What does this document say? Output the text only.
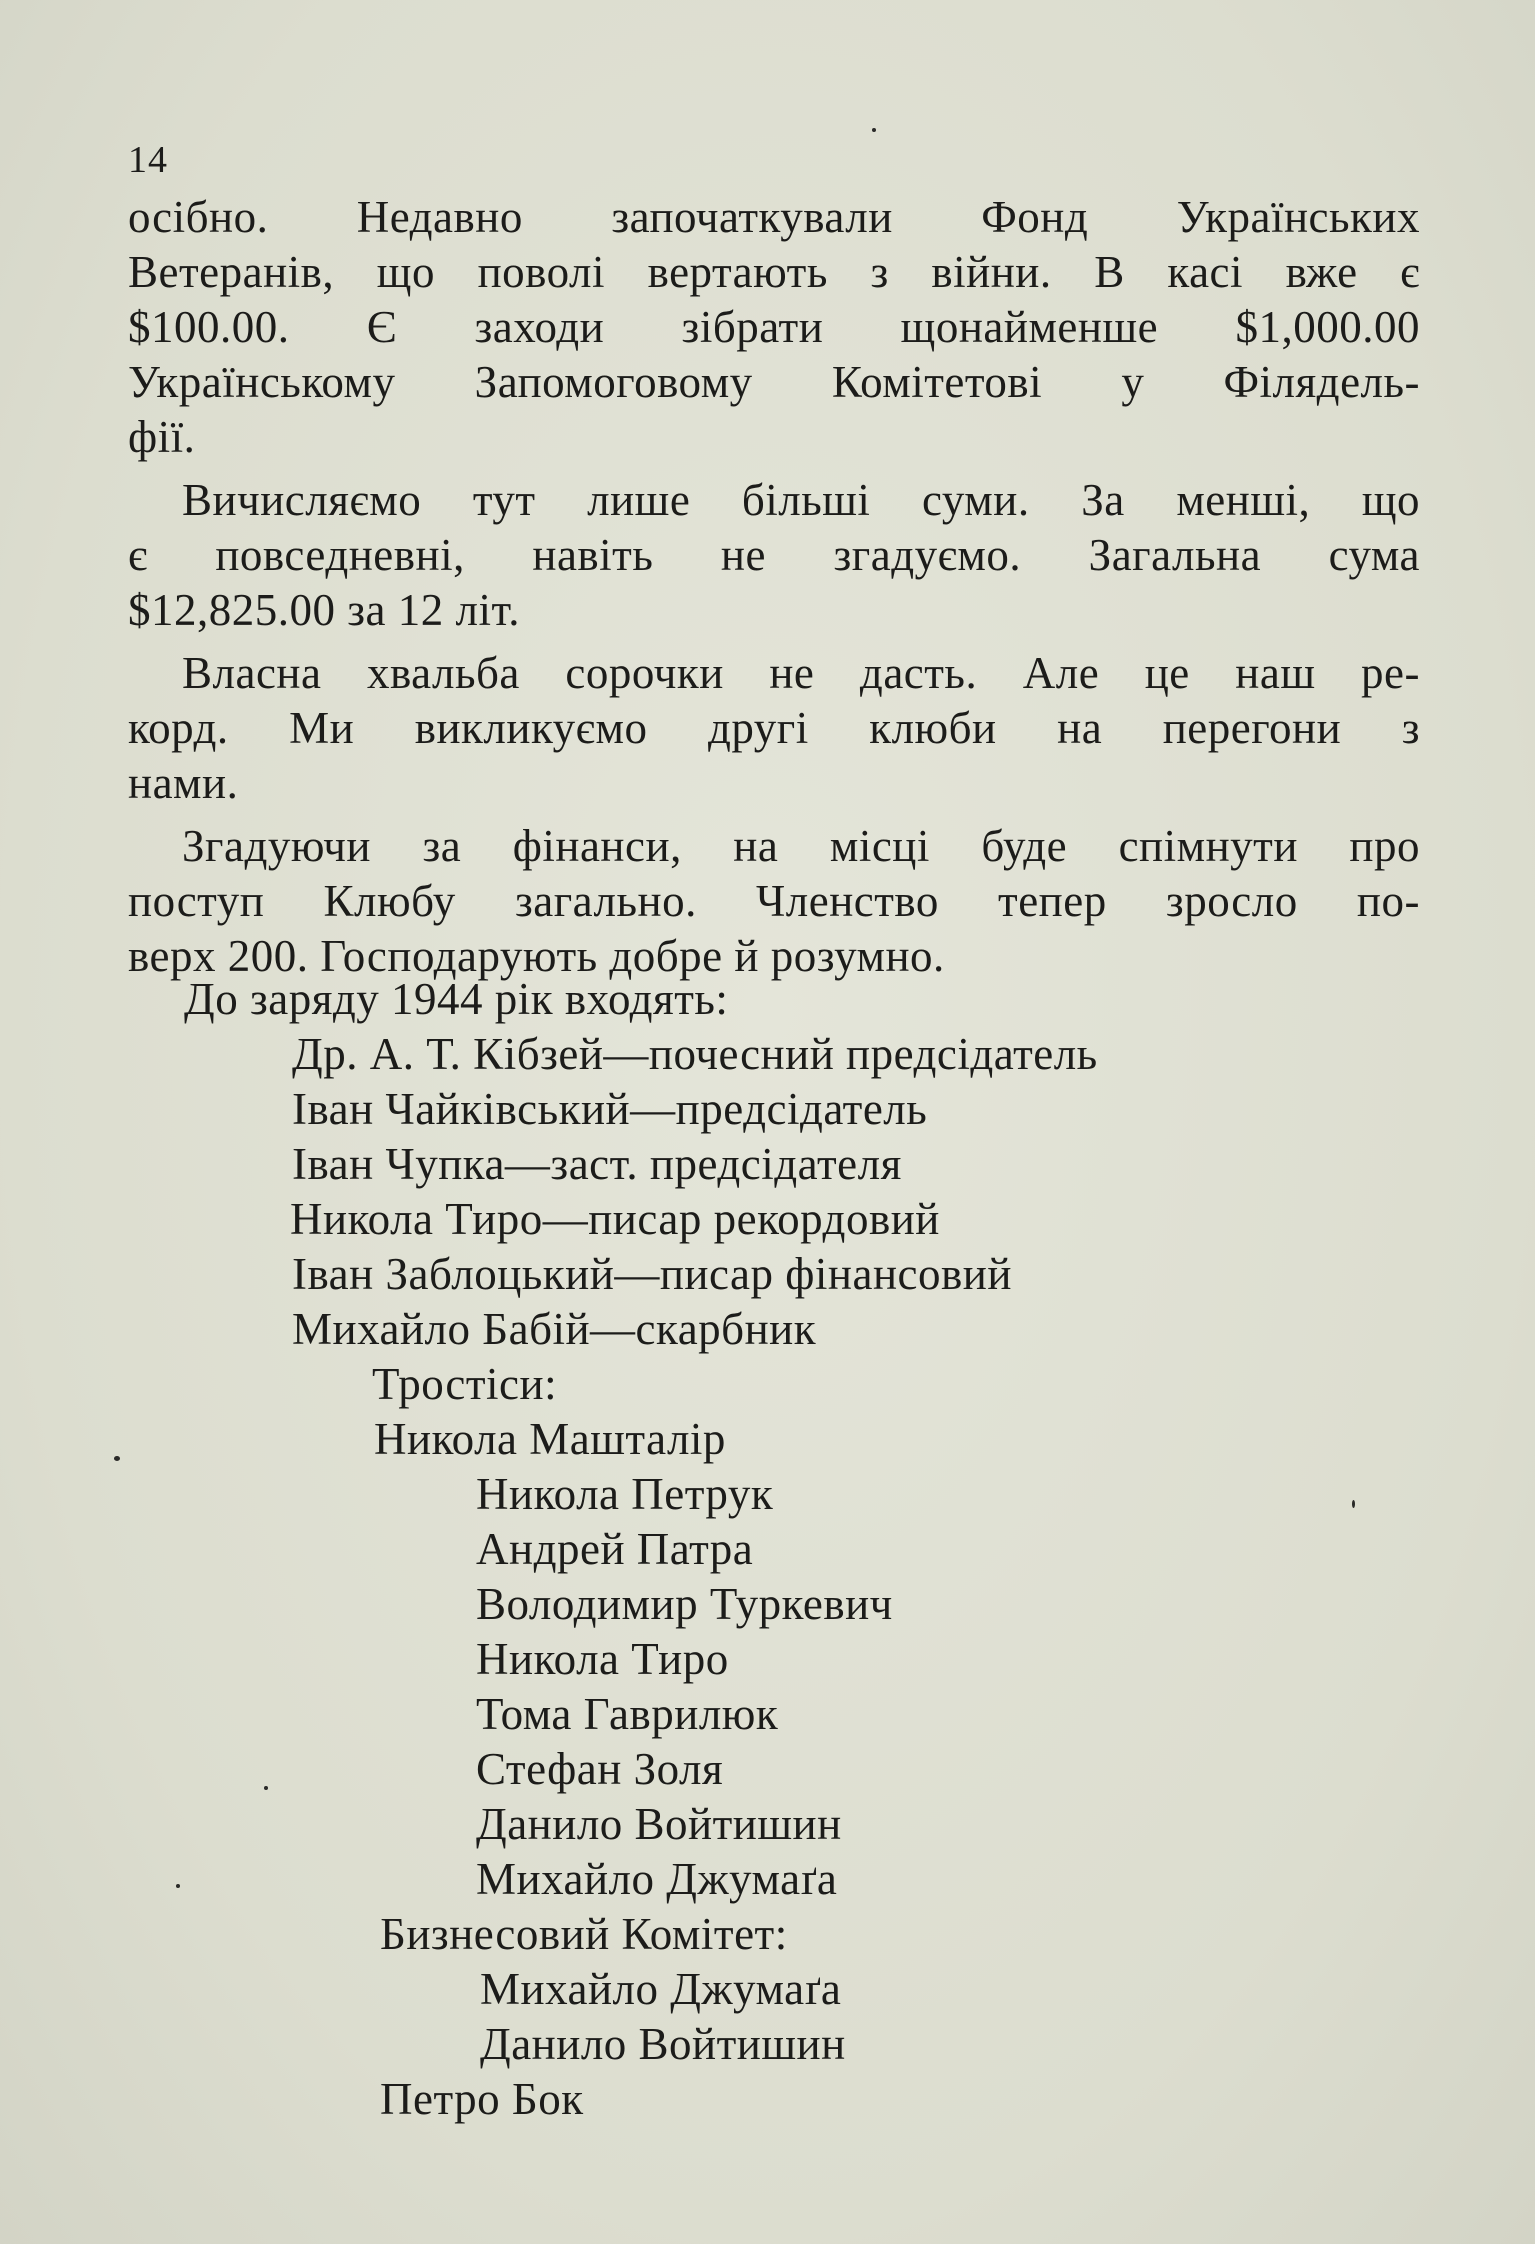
14
осібно. Недавно започаткували Фонд Українських
Ветеранів, що поволі вертають з війни. В касі вже є
$100.00. Є заходи зібрати щонайменше $1,000.00
Українському Запомоговому Комітетові у Філядель-
фії.
Вичисляємо тут лише більші суми. За менші, що
є повседневні, навіть не згадуємо. Загальна сума
$12,825.00 за 12 літ.
Власна хвальба сорочки не дасть. Але це наш ре-
корд. Ми викликуємо другі клюби на перегони з
нами.
Згадуючи за фінанси, на місці буде спімнути про
поступ Клюбу загально. Членство тепер зросло по-
верх 200. Господарують добре й розумно.
До заряду 1944 рік входять:
Др. А. Т. Кібзей—почесний предсідатель
Іван Чайківський—предсідатель
Іван Чупка—заст. предсідателя
Никола Тиро—писар рекордовий
Іван Заблоцький—писар фінансовий
Михайло Бабій—скарбник
Тростіси:
Никола Машталір
Никола Петрук
Андрей Патра
Володимир Туркевич
Никола Тиро
Тома Гаврилюк
Стефан Золя
Данило Войтишин
Михайло Джумаґа
Бизнесовий Комітет:
Михайло Джумаґа
Данило Войтишин
Петро Бок
